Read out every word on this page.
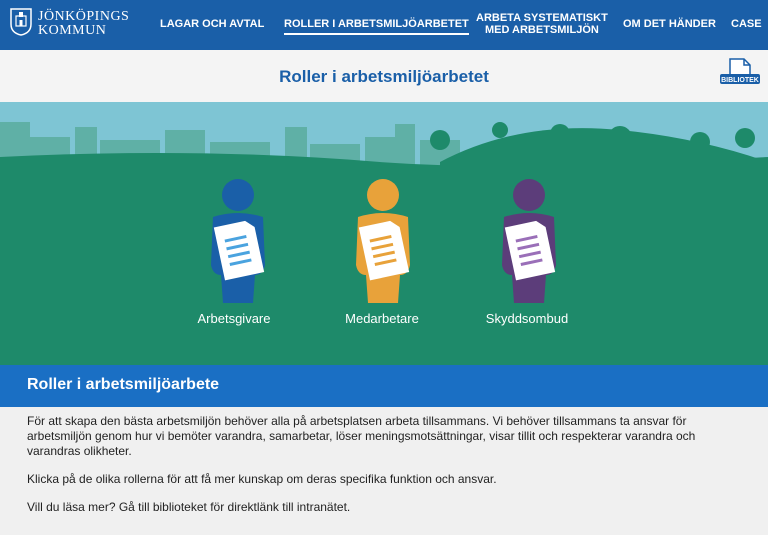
JÖNKÖPINGS
KOMMUN	LAGAR OCH AVTAL ROLLER I ARBETSMILJÖARBETET ARBETA SYSTEMATISKT
MED ARBETSMILJÖN	OM DET HÄNDER CASE
Roller i arbetsmiljöarbetet	BIBLIOTEK
Arbetsgivare	Medarbetare	Skyddsombud
Roller i arbetsmiljöarbete

För att skapa den bästa arbetsmiljön behöver alla på arbetsplatsen arbeta tillsammans. Vi behöver tillsammans ta ansvar för arbetsmiljön genom hur vi bemöter varandra, samarbetar, löser meningsmotsättningar, visar tillit och respekterar varandra och varandras olikheter.

Klicka på de olika rollerna för att få mer kunskap om deras specifika funktion och ansvar.

Vill du läsa mer? Gå till biblioteket för direktlänk till intranätet.
